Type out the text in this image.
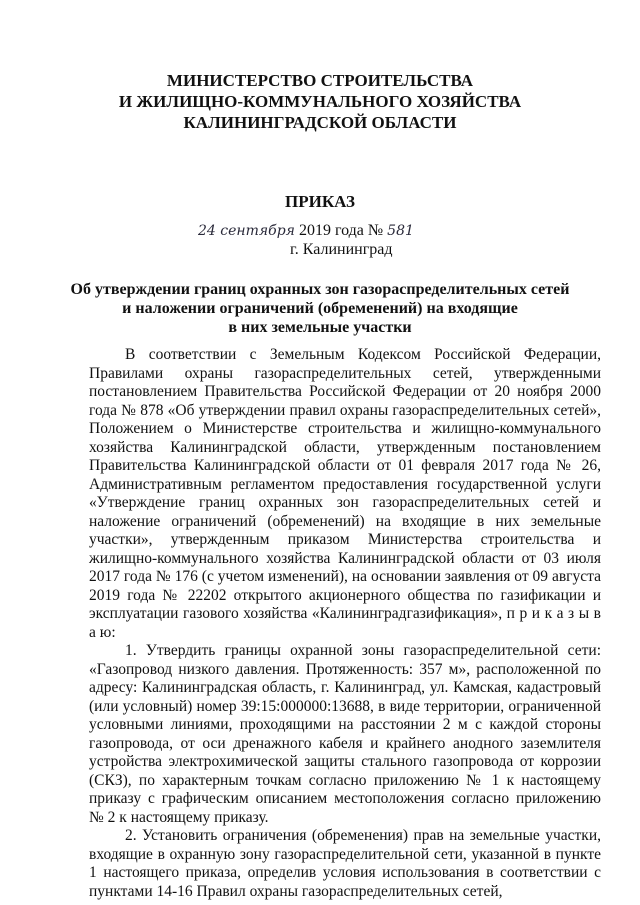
МИНИСТЕРСТВО СТРОИТЕЛЬСТВА
И ЖИЛИЩНО-КОММУНАЛЬНОГО ХОЗЯЙСТВА
КАЛИНИНГРАДСКОЙ ОБЛАСТИ
ПРИКАЗ
24 сентября 2019 года № 581
г. Калининград
Об утверждении границ охранных зон газораспределительных сетей
и наложении ограничений (обременений) на входящие
в них земельные участки

В соответствии с Земельным Кодексом Российской Федерации, Правилами охраны газораспределительных сетей, утвержденными постановлением Правительства Российской Федерации от 20 ноября 2000 года № 878 «Об утверждении правил охраны газораспределительных сетей», Положением о Министерстве строительства и жилищно-коммунального хозяйства Калининградской области, утвержденным постановлением Правительства Калининградской области от 01 февраля 2017 года № 26, Административным регламентом предоставления государственной услуги «Утверждение границ охранных зон газораспределительных сетей и наложение ограничений (обременений) на входящие в них земельные участки», утвержденным приказом Министерства строительства и жилищно-коммунального хозяйства Калининградской области от 03 июля 2017 года № 176 (с учетом изменений), на основании заявления от 09 августа 2019 года № 22202 открытого акционерного общества по газификации и эксплуатации газового хозяйства «Калининградгазификация», п р и к а з ы в а ю:

1. Утвердить границы охранной зоны газораспределительной сети: «Газопровод низкого давления. Протяженность: 357 м», расположенной по адресу: Калининградская область, г. Калининград, ул. Камская, кадастровый (или условный) номер 39:15:000000:13688, в виде территории, ограниченной условными линиями, проходящими на расстоянии 2 м с каждой стороны газопровода, от оси дренажного кабеля и крайнего анодного заземлителя устройства электрохимической защиты стального газопровода от коррозии (СКЗ), по характерным точкам согласно приложению № 1 к настоящему приказу с графическим описанием местоположения согласно приложению № 2 к настоящему приказу.

2. Установить ограничения (обременения) прав на земельные участки, входящие в охранную зону газораспределительной сети, указанной в пункте 1 настоящего приказа, определив условия использования в соответствии с пунктами 14-16 Правил охраны газораспределительных сетей,
